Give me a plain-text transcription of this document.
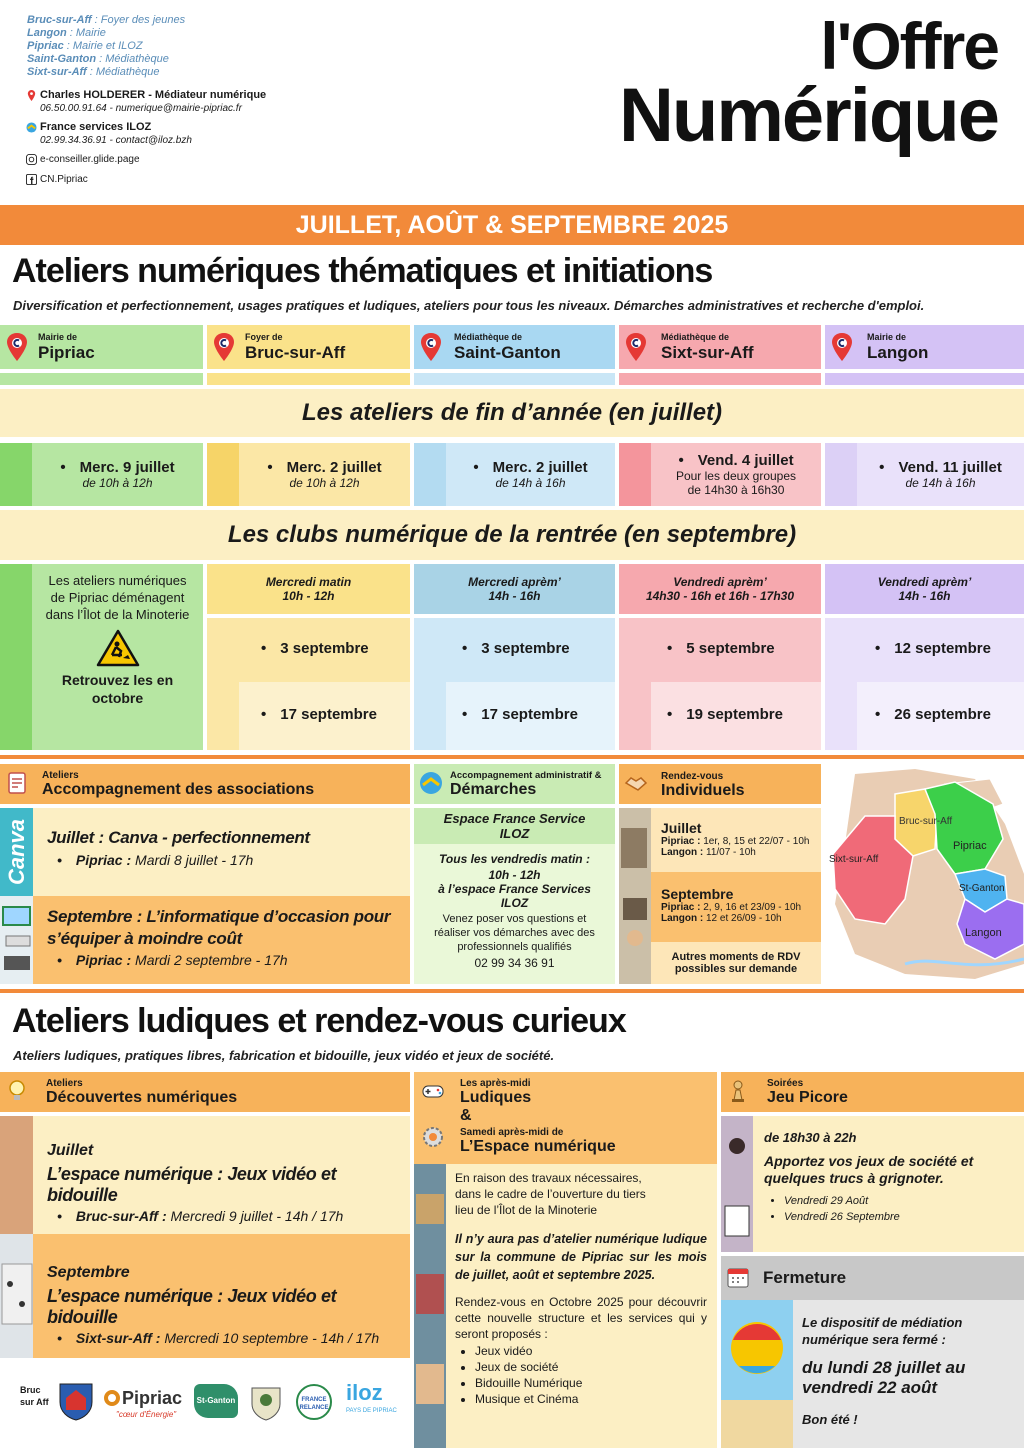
Bruc-sur-Aff : Foyer des jeunes
Langon : Mairie
Pipriac : Mairie et ILOZ
Saint-Ganton : Médiathèque
Sixt-sur-Aff : Médiathèque
Charles HOLDERER - Médiateur numérique
06.50.00.91.64 - numerique@mairie-pipriac.fr
France services ILOZ
02.99.34.36.91 - contact@iloz.bzh
e-conseiller.glide.page
CN.Pipriac
l'Offre
Numérique
JUILLET, AOÛT & SEPTEMBRE 2025
Ateliers numériques thématiques et initiations
Diversification et perfectionnement, usages pratiques et ludiques, ateliers pour tous les niveaux. Démarches administratives et recherche d'emploi.
Mairie de
Pipriac
Foyer de
Bruc-sur-Aff
Médiathèque de
Saint-Ganton
Médiathèque de
Sixt-sur-Aff
Mairie de
Langon
Les ateliers de fin d’année (en juillet)
• Merc. 9 juillet
de 10h à 12h
• Merc. 2 juillet
de 10h à 12h
• Merc. 2 juillet
de 14h à 16h
• Vend. 4 juillet
Pour les deux groupes
de 14h30 à 16h30
• Vend. 11 juillet
de 14h à 16h
Les clubs numérique de la rentrée (en septembre)
Les ateliers numériques de Pipriac déménagent dans l’Îlot de la Minoterie
Retrouvez les en octobre
Mercredi matin
10h - 12h
• 3 septembre
• 17 septembre
Mercredi aprèm’
14h - 16h
• 3 septembre
• 17 septembre
Vendredi aprèm’
14h30 - 16h et 16h - 17h30
• 5 septembre
• 19 septembre
Vendredi aprèm’
14h - 16h
• 12 septembre
• 26 septembre
Ateliers
Accompagnement des associations
Canva Juillet : Canva - perfectionnement
• Pipriac : Mardi 8 juillet - 17h
Septembre : L’informatique d’occasion pour s’équiper à moindre coût
• Pipriac : Mardi 2 septembre - 17h
Accompagnement administratif &
Démarches
Espace France Service ILOZ
Tous les vendredis matin :
10h - 12h
à l’espace France Services ILOZ
Venez poser vos questions et réaliser vos démarches avec des professionnels qualifiés
02 99 34 36 91
Rendez-vous
Individuels
Juillet
Pipriac : 1er, 8, 15 et 22/07 - 10h
Langon : 11/07 - 10h
Septembre
Pipriac : 2, 9, 16 et 23/09 - 10h
Langon : 12 et 26/09 - 10h
Autres moments de RDV possibles sur demande
Bruc-sur-Aff
Pipriac
Sixt-sur-Aff
St-Ganton
Langon
Ateliers ludiques et rendez-vous curieux
Ateliers ludiques, pratiques libres, fabrication et bidouille, jeux vidéo et jeux de société.
Ateliers
Découvertes numériques
Juillet
L’espace numérique : Jeux vidéo et bidouille
• Bruc-sur-Aff : Mercredi 9 juillet - 14h / 17h
Septembre
L’espace numérique : Jeux vidéo et bidouille
• Sixt-sur-Aff : Mercredi 10 septembre - 14h / 17h
Bruc sur Aff	Pipriac
"cœur d'Énergie"
St-Ganton	FRANCE RELANCE
iloz
PAYS DE PIPRIAC
Les après-midi
Ludiques
&
Samedi après-midi de
L’Espace numérique
En raison des travaux nécessaires, dans le cadre de l’ouverture du tiers lieu de l’Îlot de la Minoterie
Il n’y aura pas d’atelier numérique ludique sur la commune de Pipriac sur les mois de juillet, août et septembre 2025.
Rendez-vous en Octobre 2025 pour découvrir cette nouvelle structure et les services qui y seront proposés :
• Jeux vidéo
• Jeux de société
• Bidouille Numérique
• Musique et Cinéma
Soirées
Jeu Picore
de 18h30 à 22h
Apportez vos jeux de société et quelques trucs à grignoter.
• Vendredi 29 Août
• Vendredi 26 Septembre
Fermeture
Le dispositif de médiation numérique sera fermé :
du lundi 28 juillet au vendredi 22 août
Bon été !
